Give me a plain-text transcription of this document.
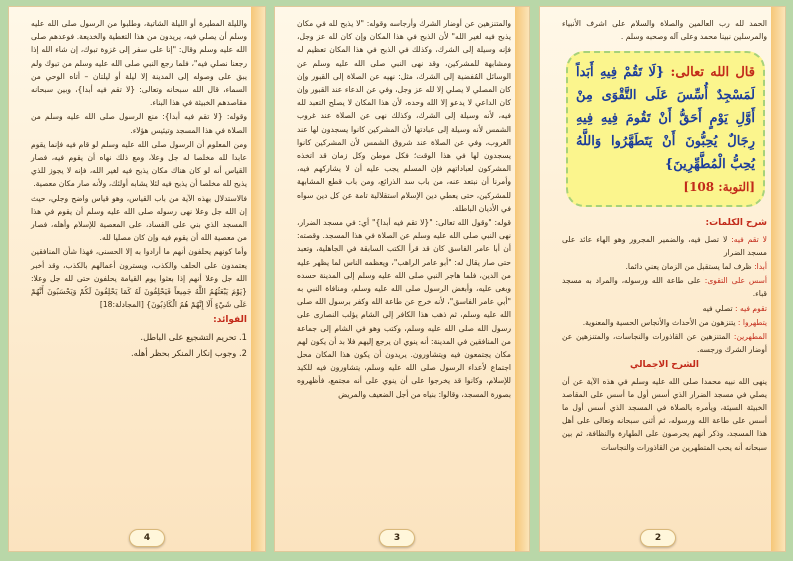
الحمد لله رب العالمين والصلاة والسلام على اشرف الأنبياء والمرسلين نبينا محمد وعلى آله وصحبه وسلم .
قال الله تعالى: {لَا تَقُمْ فِيهِ أَبَداً لَمَسْجِدٌ أُسِّسَ عَلَى التَّقْوَى مِنْ أَوَّلِ يَوْمٍ أَحَقُّ أَنْ تَقُومَ فِيهِ فِيهِ رِجَالٌ يُحِبُّونَ أَنْ يَتَطَهَّرُوا وَاللَّهُ يُحِبُّ الْمُطَّهِّرِينَ}
[التوبة: 108]
شرح الكلمات:
لا تقم فيه: لا تصل فيه، والضمير المجرور وهو الهاء عائد على مسجد الضرار
أبدا: ظرف لما يستقبل من الزمان يعني دائما.
أسس على التقوى: على طاعة الله ورسوله، والمراد به مسجد قباء.
تقوم فيه : تصلي فيه
يتطهروا : يتنزهون من الأحداث والأنجاس الحسية والمعنوية.
المطهرين: المتنزهين عن القاذورات والنجاسات، والمتنزهين عن أوضار الشرك ورجسه.
الشرح الاجمالي
ينهى الله نبيه محمدا صلى الله عليه وسلم في هذه الآية عن أن يصلي في مسجد الضرار الذي أسس أول ما أسس على المقاصد الخبيثة السيئة، ويأمره بالصلاة في المسجد الذي أسس أول ما أسس على طاعة الله ورسوله، ثم أثنى سبحانه وتعالى على أهل هذا المسجد، وذكر أنهم يحرصون على الطهارة والنظافة، ثم بين سبحانه أنه يحب المتطهرين من القاذورات والنجاسات
2
والمتنزهين عن أوضار الشرك وأرجاسه وقوله: "لا يذبح لله في مكان يذبح فيه لغير الله" لأن الذبح في هذا المكان وإن كان لله عز وجل، فإنه وسيلة إلى الشرك، وكذلك في الذبح في هذا المكان تعظيم له ومشابهة للمشركين، وقد نهى النبي صلى الله عليه وسلم عن الوسائل المُفضية إلى الشرك، مثل: نهيه عن الصلاة إلى القبور وإن كان المصلي لا يصلي إلا لله عز وجل، وفي عن الدعاء عند القبور وإن كان الداعي لا يدعو إلا الله وحده، لأن هذا المكان لا يصلح التعبد لله فيه، لأنه وسيلة إلى الشرك، وكذلك نهى عن الصلاة عند غروب الشمس لأنه وسيلة إلى عبادتها لأن المشركين كانوا يسجدون لها عند الغروب، وفي عن الصلاة عند شروق الشمس لأن المشركين كانوا يسجدون لها في هذا الوقت؛ فكل موطن وكل زمان قد اتخذه المشركون لعباداتهم فإن المسلم يجب عليه أن لا يشاركهم فيه، وأمرنا أن نبتعد عنه، من باب سد الذرائع، ومن باب قطع المشابهة للمشركين، حتى يعطي دين الإسلام استقلالية تامة عن كل دين سواه في الأديان الباطلة.
قوله: "وقول الله تعالى: "{لا تقم فيه أبدا}" أي: في مسجد الضرار، نهى النبي صلى الله عليه وسلم عن الصلاة في هذا المسجد. وقصته: أن أبا عامر الفاسق كان قد قرأ الكتب السابقة في الجاهلية، وتعبد حتى صار يقال له: "أبو عامر الراهب"، ويعظمه الناس لما يظهر عليه من الدين، فلما هاجر النبي صلى الله عليه وسلم إلى المدينة حسده وبغى عليه، وأبغض الرسول صلى الله عليه وسلم، ومنافاة النبي به "أبي عامر الفاسق"، لأنه خرج عن طاعة الله وكفر برسول الله صلى الله عليه وسلم، ثم ذهب هذا الكافر إلى الشام يؤلب النصارى على رسول الله صلى الله عليه وسلم، وكتب وهو في الشام إلى جماعة من المنافقين في المدينة: أنه ينوي ان يرجع إليهم فلا بد أن يكون لهم مكان يجتمعون فيه ويتشاورون. يريدون أن يكون هذا المكان محل اجتماع لأعداء الرسول صلى الله عليه وسلم، يتشاورون فيه للكيد للإسلام، وكانوا قد يخرجوا على أن ينوي على أنه مجتمع، فأظهروه بصورة المسجد، وقالوا: بنياه من أجل الضعيف والمريض
3
والليلة المطيرة أو الليلة الشاتية، وطلبوا من الرسول صلى الله عليه وسلم أن يصلي فيه، يريدون من هذا التغطية والخديعة. فوعدهم صلى الله عليه وسلم وقال: "إنا على سفر إلى غزوة تبوك، إن شاء الله إذا رجعنا نصلي فيه"، فلما رجع النبي صلى الله عليه وسلم من تبوك ولم يبق على وصوله إلى المدينة إلا ليلة أو ليلتان – أتاه الوحي من السماء، قال الله سبحانه وتعالى: {لا تقم فيه أبدا}، وبين سبحانه مقاصدهم الخبيثة في هذا البناء.
وقوله: {لا تقم فيه أبدا}: منع الرسول صلى الله عليه وسلم من الصلاة في هذا المسجد وتيئيس هؤلاء.
ومن المعلوم أن الرسول صلى الله عليه وسلم لو قام فيه فإنما يقوم عابدا لله مخلصا له جل وعلا، ومع ذلك نهاه أن يقوم فيه، فصار القياس أنه لو كان هناك مكان يذبح فيه لغير الله، فإنه لا يجوز للذي يذبح لله مخلصا أن يذبح فيه لئلا يشابه أولئك، ولأنه صار مكان معصية.
فالاستدلال بهذه الآية من باب القياس، وهو قياس واضح وجلي، حيث إن الله جل وعلا نهى رسوله صلى الله عليه وسلم أن يقوم في هذا المسجد الذي بني على الفساد، على المعصية للإسلام وأهله، فصار من معصية الله أن يقوم فيه وإن كان مصليا لله.
وأما كونهم يحلفون أنهم ما أرادوا به إلا الحسنى، فهذا شأن المنافقين يعتمدون على الحلف والكذب، ويسترون أعمالهم بالكذب، وقد أخبر الله جل وعلا أنهم إذا بعثوا يوم القيامة يحلفون حتى لله جل وعلا: {يَوْمَ يَبْعَثُهُمُ اللَّهُ جَمِيعاً فَيَحْلِفُونَ لَهُ كَمَا يَحْلِفُونَ لَكُمْ وَيَحْسَبُونَ أَنَّهُمْ عَلَى شَيْءٍ أَلَا إِنَّهُمْ هُمُ الْكَاذِبُونَ} [المجادلة:18]
الفوائد:
1. تحريم التشجيع على الباطل.
2. وجوب إنكار المنكر بحظر أهله.
4
